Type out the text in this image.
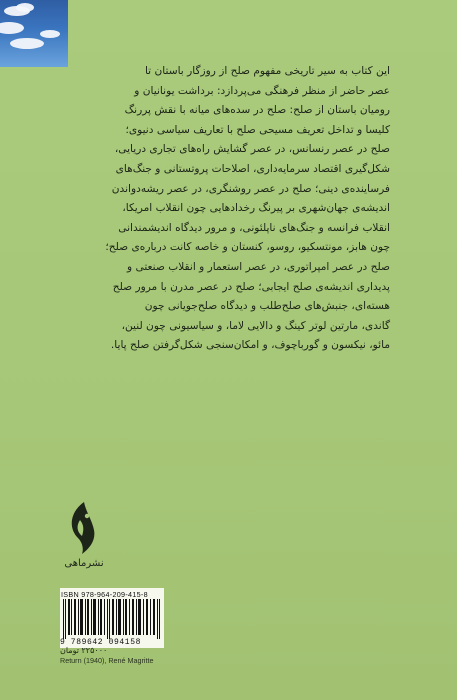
این کتاب به سیر تاریخی مفهوم صلح از روزگار باستان تا
عصر حاضر از منظر فرهنگی می‌پردازد: برداشت یونانیان و
رومیان باستان از صلح: صلح در سده‌های میانه با نقش پررنگ
کلیسا و تداخل تعریف مسیحی صلح با تعاریف سیاسی دنیوی؛
صلح در عصر رنسانس، در عصر گشایش راه‌های تجاری دریایی،
شکل‌گیری اقتصاد سرمایه‌داری، اصلاحات پروتستانی و جنگ‌های
فرساینده‌ی دینی؛ صلح در عصر روشنگری، در عصر ریشه‌دواندن
اندیشه‌ی جهان‌شهری بر پیرنگ رخدادهایی چون انقلاب امریکا،
انقلاب فرانسه و جنگ‌های ناپلئونی، و مرور دیدگاه اندیشمندانی
چون هابز، مونتسکیو، روسو، کنستان و خاصه کانت درباره‌ی صلح؛
صلح در عصر امپراتوری، در عصر استعمار و انقلاب صنعتی و
پدیداری اندیشه‌ی صلح ایجابی؛ صلح در عصر مدرن با مرور صلح
هسته‌ای، جنبش‌های صلح‌طلب و دیدگاه صلح‌جویانی چون
گاندی، مارتین لوتر کینگ و دالایی لاما، و سیاسیونی چون لنین،
مائو، نیکسون و گورباچوف، و امکان‌سنجی شکل‌گرفتن صلح پایا.
نشرماهی
ISBN 978-964-209-415-8
9 789642 094158
۲۲۵۰۰۰ تومان
Return (1940), René Magritte
